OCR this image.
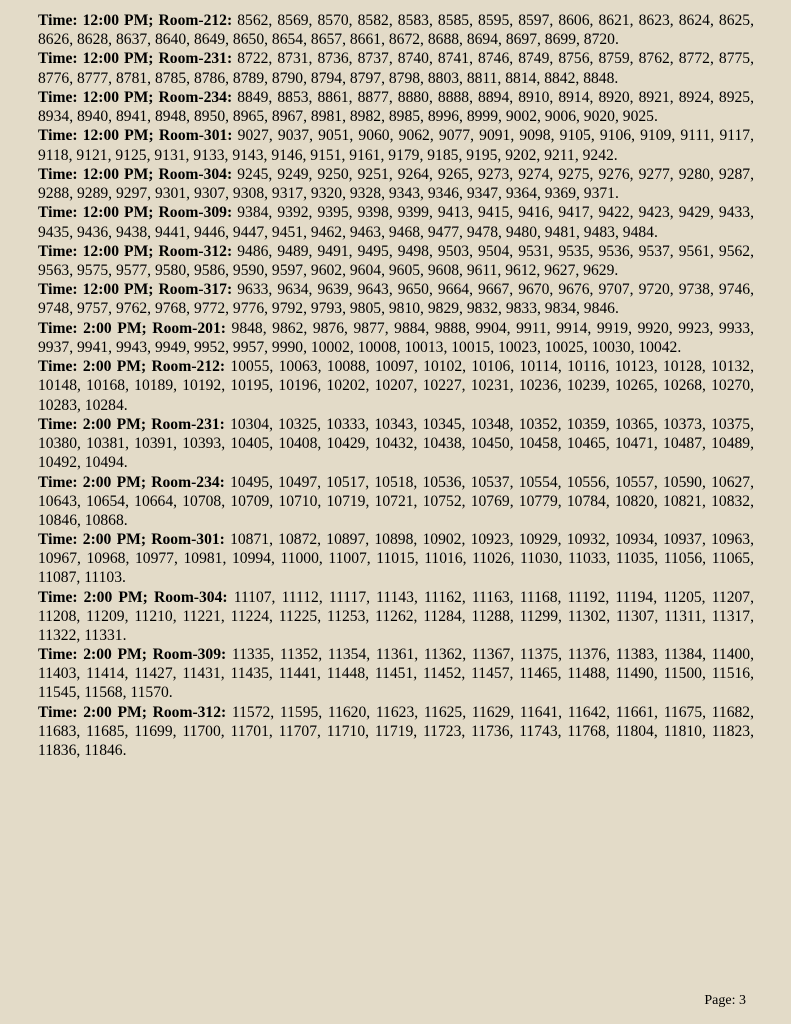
Time: 12:00 PM; Room-212: 8562, 8569, 8570, 8582, 8583, 8585, 8595, 8597, 8606, 8621, 8623, 8624, 8625, 8626, 8628, 8637, 8640, 8649, 8650, 8654, 8657, 8661, 8672, 8688, 8694, 8697, 8699, 8720.

Time: 12:00 PM; Room-231: 8722, 8731, 8736, 8737, 8740, 8741, 8746, 8749, 8756, 8759, 8762, 8772, 8775, 8776, 8777, 8781, 8785, 8786, 8789, 8790, 8794, 8797, 8798, 8803, 8811, 8814, 8842, 8848.

Time: 12:00 PM; Room-234: 8849, 8853, 8861, 8877, 8880, 8888, 8894, 8910, 8914, 8920, 8921, 8924, 8925, 8934, 8940, 8941, 8948, 8950, 8965, 8967, 8981, 8982, 8985, 8996, 8999, 9002, 9006, 9020, 9025.

Time: 12:00 PM; Room-301: 9027, 9037, 9051, 9060, 9062, 9077, 9091, 9098, 9105, 9106, 9109, 9111, 9117, 9118, 9121, 9125, 9131, 9133, 9143, 9146, 9151, 9161, 9179, 9185, 9195, 9202, 9211, 9242.

Time: 12:00 PM; Room-304: 9245, 9249, 9250, 9251, 9264, 9265, 9273, 9274, 9275, 9276, 9277, 9280, 9287, 9288, 9289, 9297, 9301, 9307, 9308, 9317, 9320, 9328, 9343, 9346, 9347, 9364, 9369, 9371.

Time: 12:00 PM; Room-309: 9384, 9392, 9395, 9398, 9399, 9413, 9415, 9416, 9417, 9422, 9423, 9429, 9433, 9435, 9436, 9438, 9441, 9446, 9447, 9451, 9462, 9463, 9468, 9477, 9478, 9480, 9481, 9483, 9484.

Time: 12:00 PM; Room-312: 9486, 9489, 9491, 9495, 9498, 9503, 9504, 9531, 9535, 9536, 9537, 9561, 9562, 9563, 9575, 9577, 9580, 9586, 9590, 9597, 9602, 9604, 9605, 9608, 9611, 9612, 9627, 9629.

Time: 12:00 PM; Room-317: 9633, 9634, 9639, 9643, 9650, 9664, 9667, 9670, 9676, 9707, 9720, 9738, 9746, 9748, 9757, 9762, 9768, 9772, 9776, 9792, 9793, 9805, 9810, 9829, 9832, 9833, 9834, 9846.

Time: 2:00 PM; Room-201: 9848, 9862, 9876, 9877, 9884, 9888, 9904, 9911, 9914, 9919, 9920, 9923, 9933, 9937, 9941, 9943, 9949, 9952, 9957, 9990, 10002, 10008, 10013, 10015, 10023, 10025, 10030, 10042.

Time: 2:00 PM; Room-212: 10055, 10063, 10088, 10097, 10102, 10106, 10114, 10116, 10123, 10128, 10132, 10148, 10168, 10189, 10192, 10195, 10196, 10202, 10207, 10227, 10231, 10236, 10239, 10265, 10268, 10270, 10283, 10284.

Time: 2:00 PM; Room-231: 10304, 10325, 10333, 10343, 10345, 10348, 10352, 10359, 10365, 10373, 10375, 10380, 10381, 10391, 10393, 10405, 10408, 10429, 10432, 10438, 10450, 10458, 10465, 10471, 10487, 10489, 10492, 10494.

Time: 2:00 PM; Room-234: 10495, 10497, 10517, 10518, 10536, 10537, 10554, 10556, 10557, 10590, 10627, 10643, 10654, 10664, 10708, 10709, 10710, 10719, 10721, 10752, 10769, 10779, 10784, 10820, 10821, 10832, 10846, 10868.

Time: 2:00 PM; Room-301: 10871, 10872, 10897, 10898, 10902, 10923, 10929, 10932, 10934, 10937, 10963, 10967, 10968, 10977, 10981, 10994, 11000, 11007, 11015, 11016, 11026, 11030, 11033, 11035, 11056, 11065, 11087, 11103.

Time: 2:00 PM; Room-304: 11107, 11112, 11117, 11143, 11162, 11163, 11168, 11192, 11194, 11205, 11207, 11208, 11209, 11210, 11221, 11224, 11225, 11253, 11262, 11284, 11288, 11299, 11302, 11307, 11311, 11317, 11322, 11331.

Time: 2:00 PM; Room-309: 11335, 11352, 11354, 11361, 11362, 11367, 11375, 11376, 11383, 11384, 11400, 11403, 11414, 11427, 11431, 11435, 11441, 11448, 11451, 11452, 11457, 11465, 11488, 11490, 11500, 11516, 11545, 11568, 11570.

Time: 2:00 PM; Room-312: 11572, 11595, 11620, 11623, 11625, 11629, 11641, 11642, 11661, 11675, 11682, 11683, 11685, 11699, 11700, 11701, 11707, 11710, 11719, 11723, 11736, 11743, 11768, 11804, 11810, 11823, 11836, 11846.

Page: 3
